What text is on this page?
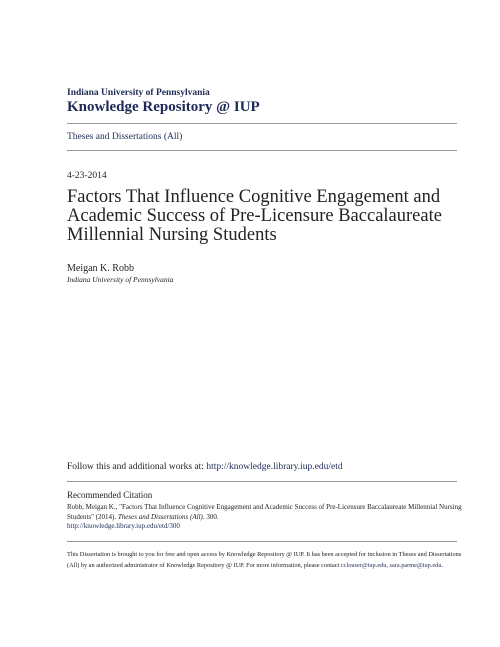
Indiana University of Pennsylvania
Knowledge Repository @ IUP
Theses and Dissertations (All)
4-23-2014
Factors That Influence Cognitive Engagement and Academic Success of Pre-Licensure Baccalaureate Millennial Nursing Students
Meigan K. Robb
Indiana University of Pennsylvania
Follow this and additional works at: http://knowledge.library.iup.edu/etd
Recommended Citation
Robb, Meigan K., "Factors That Influence Cognitive Engagement and Academic Success of Pre-Licensure Baccalaureate Millennial Nursing Students" (2014). Theses and Dissertations (All). 300.
http://knowledge.library.iup.edu/etd/300
This Dissertation is brought to you for free and open access by Knowledge Repository @ IUP. It has been accepted for inclusion in Theses and Dissertations (All) by an authorized administrator of Knowledge Repository @ IUP. For more information, please contact cclouser@iup.edu, sara.parme@iup.edu.
